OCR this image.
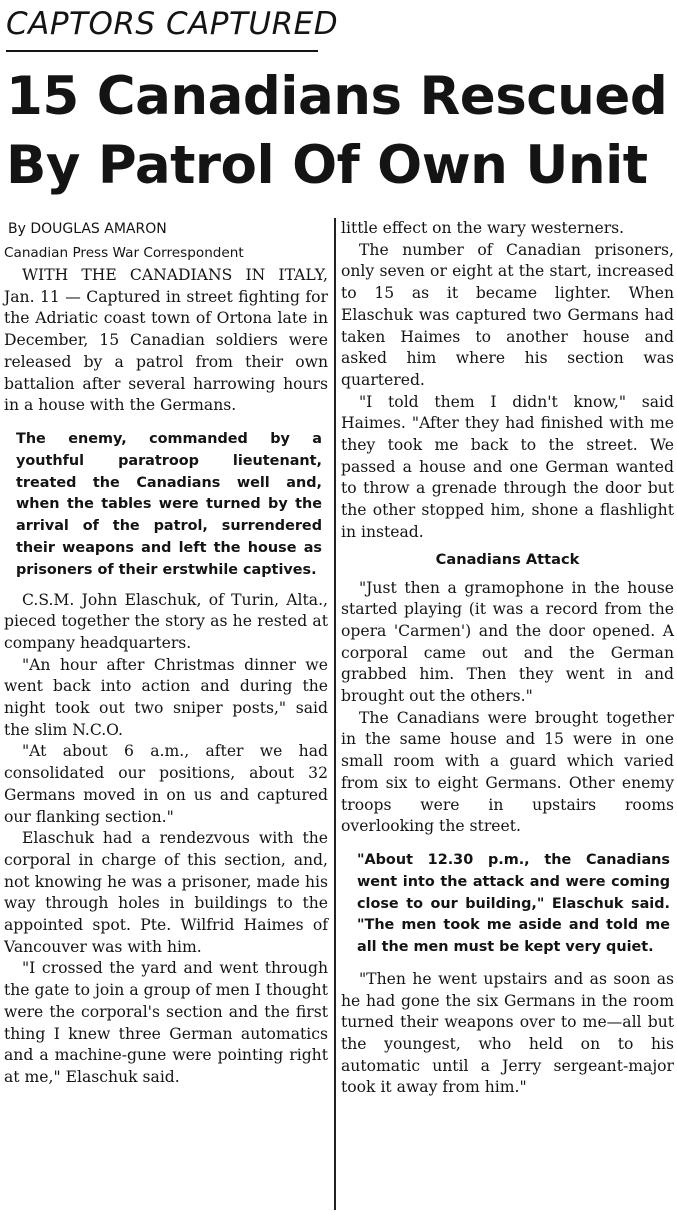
CAPTORS CAPTURED
15 Canadians Rescued
By Patrol Of Own Unit

By DOUGLAS AMARON

Canadian Press War Correspondent

WITH THE CANADIANS IN ITALY, Jan. 11 — Captured in street fighting for the Adriatic coast town of Ortona late in December, 15 Canadian soldiers were released by a patrol from their own battalion after several harrowing hours in a house with the Germans.

The enemy, commanded by a youthful paratroop lieutenant, treated the Canadians well and, when the tables were turned by the arrival of the patrol, surrendered their weapons and left the house as prisoners of their erstwhile captives.

C.S.M. John Elaschuk, of Turin, Alta., pieced together the story as he rested at company headquarters.

"An hour after Christmas dinner we went back into action and during the night took out two sniper posts," said the slim N.C.O.

"At about 6 a.m., after we had consolidated our positions, about 32 Germans moved in on us and captured our flanking section."

Elaschuk had a rendezvous with the corporal in charge of this section, and, not knowing he was a prisoner, made his way through holes in buildings to the appointed spot. Pte. Wilfrid Haimes of Vancouver was with him.

"I crossed the yard and went through the gate to join a group of men I thought were the corporal's section and the first thing I knew three German automatics and a machine-gune were pointing right at me," Elaschuk said.

little effect on the wary westerners.

The number of Canadian prisoners, only seven or eight at the start, increased to 15 as it became lighter. When Elaschuk was captured two Germans had taken Haimes to another house and asked him where his section was quartered.

"I told them I didn't know," said Haimes. "After they had finished with me they took me back to the street. We passed a house and one German wanted to throw a grenade through the door but the other stopped him, shone a flashlight in instead.

Canadians Attack

"Just then a gramophone in the house started playing (it was a record from the opera 'Carmen') and the door opened. A corporal came out and the German grabbed him. Then they went in and brought out the others."

The Canadians were brought together in the same house and 15 were in one small room with a guard which varied from six to eight Germans. Other enemy troops were in upstairs rooms overlooking the street.

"About 12.30 p.m., the Canadians went into the attack and were coming close to our building," Elaschuk said. "The men took me aside and told me all the men must be kept very quiet.

"Then he went upstairs and as soon as he had gone the six Germans in the room turned their weapons over to me—all but the youngest, who held on to his automatic until a Jerry sergeant-major took it away from him."
